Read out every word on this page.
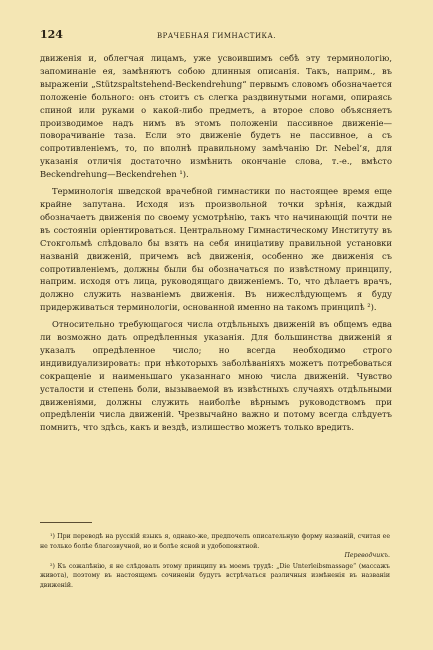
124	ВРАЧЕБНАЯ ГИМНАСТИКА.

движенія и, облегчая лицамъ, уже усвоившимъ себѣ эту терминологію, запоминаніе ея, замѣняютъ собою длинныя описанія. Такъ, наприм., въ выраженіи „Stützspaltstehend-Beckendrehung“ первымъ словомъ обозначается положеніе больного: онъ стоитъ съ слегка раздвинутыми ногами, опираясь спиной или руками о какой-либо предметъ, а второе слово объясняетъ производимое надъ нимъ въ этомъ положеніи пассивное движеніе—поворачиваніе таза. Если это движеніе будетъ не пассивное, а съ сопротивленіемъ, то, по вполнѣ правильному замѣчанію Dr. Nebel’я, для указанія отличія достаточно измѣнить окончаніе слова, т.-е., вмѣсто Beckendrehung—Beckendrehen ¹).

Терминологія шведской врачебной гимнастики по настоящее время еще крайне запутана. Исходя изъ произвольной точки зрѣнія, каждый обозначаетъ движенія по своему усмотрѣнію, такъ что начинающій почти не въ состояніи оріентироваться. Центральному Гимнастическому Институту въ Стокгольмѣ слѣдовало бы взять на себя иниціативу правильной установки названій движеній, причемъ всѣ движенія, особенно же движенія съ сопротивленіемъ, должны были бы обозначаться по извѣстному принципу, наприм. исходя отъ лица, руководящаго движеніемъ. То, что дѣлаетъ врачъ, должно служить названіемъ движенія. Въ нижеслѣдующемъ я буду придерживаться терминологіи, основанной именно на такомъ принципѣ ²).

Относительно требующагося числа отдѣльныхъ движеній въ общемъ едва ли возможно дать опредѣленныя указанія. Для большинства движеній я указалъ опредѣленное число; но всегда необходимо строго индивидуализировать: при нѣкоторыхъ заболѣваніяхъ можетъ потребоваться сокращеніе и наименьшаго указаннаго мною числа движеній. Чувство усталости и степень боли, вызываемой въ извѣстныхъ случаяхъ отдѣльными движеніями, должны служить наиболѣе вѣрнымъ руководствомъ при опредѣленіи числа движеній. Чрезвычайно важно и потому всегда слѣдуетъ помнить, что здѣсь, какъ и вездѣ, излишество можетъ только вредить.

¹) При переводѣ на русскій языкъ я, однако-же, предпочелъ описательную форму названій, считая ее не только болѣе благозвучной, но и болѣе ясной и удобопонятной.
Переводчикъ.

²) Къ сожалѣнію, я не слѣдовалъ этому принципу въ моемъ трудѣ: „Die Unterleibsmassage“ (массажъ живота), поэтому въ настоящемъ сочиненіи будутъ встрѣчаться различныя измѣненія въ названіи движеній.
